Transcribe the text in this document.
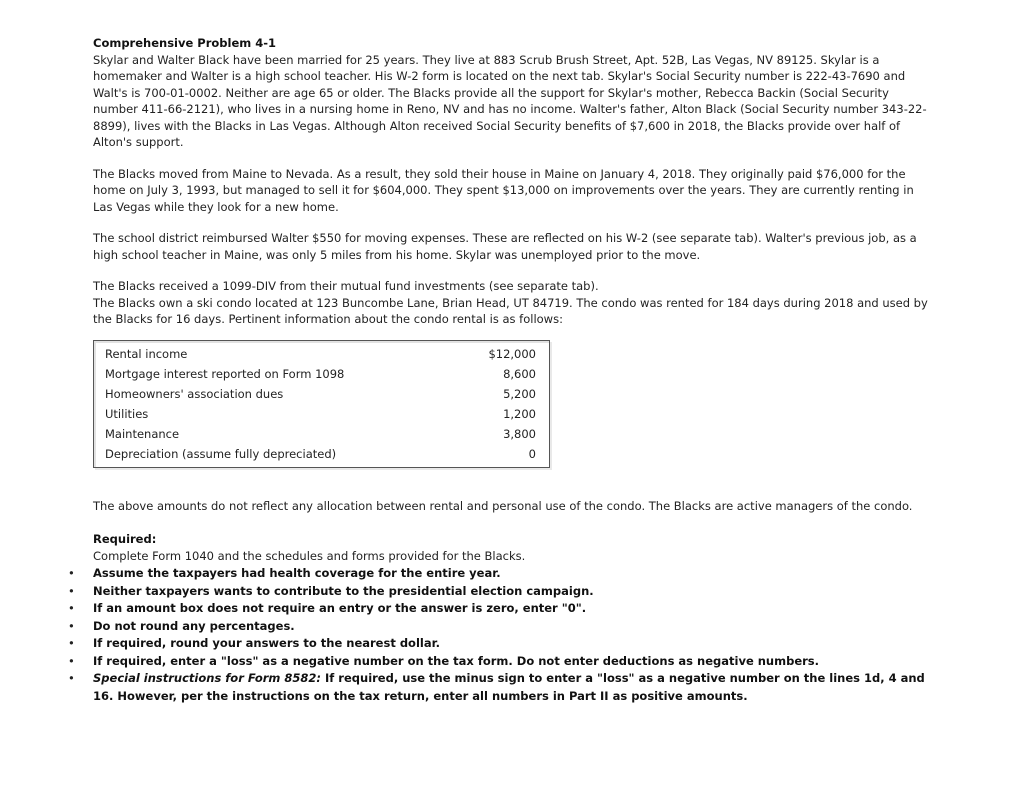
Comprehensive Problem 4-1

Skylar and Walter Black have been married for 25 years. They live at 883 Scrub Brush Street, Apt. 52B, Las Vegas, NV 89125. Skylar is a homemaker and Walter is a high school teacher. His W-2 form is located on the next tab. Skylar's Social Security number is 222-43-7690 and Walt's is 700-01-0002. Neither are age 65 or older. The Blacks provide all the support for Skylar's mother, Rebecca Backin (Social Security number 411-66-2121), who lives in a nursing home in Reno, NV and has no income. Walter's father, Alton Black (Social Security number 343-22-8899), lives with the Blacks in Las Vegas. Although Alton received Social Security benefits of $7,600 in 2018, the Blacks provide over half of Alton's support.

The Blacks moved from Maine to Nevada. As a result, they sold their house in Maine on January 4, 2018. They originally paid $76,000 for the home on July 3, 1993, but managed to sell it for $604,000. They spent $13,000 on improvements over the years. They are currently renting in Las Vegas while they look for a new home.

The school district reimbursed Walter $550 for moving expenses. These are reflected on his W-2 (see separate tab). Walter's previous job, as a high school teacher in Maine, was only 5 miles from his home. Skylar was unemployed prior to the move.

The Blacks received a 1099-DIV from their mutual fund investments (see separate tab).

The Blacks own a ski condo located at 123 Buncombe Lane, Brian Head, UT 84719. The condo was rented for 184 days during 2018 and used by the Blacks for 16 days. Pertinent information about the condo rental is as follows:

Rental income	$12,000
Mortgage interest reported on Form 1098	8,600
Homeowners' association dues	5,200
Utilities	1,200
Maintenance	3,800
Depreciation (assume fully depreciated)	0

The above amounts do not reflect any allocation between rental and personal use of the condo. The Blacks are active managers of the condo.

Required:
Complete Form 1040 and the schedules and forms provided for the Blacks.
• Assume the taxpayers had health coverage for the entire year.
• Neither taxpayers wants to contribute to the presidential election campaign.
• If an amount box does not require an entry or the answer is zero, enter "0".
• Do not round any percentages.
• If required, round your answers to the nearest dollar.
• If required, enter a "loss" as a negative number on the tax form. Do not enter deductions as negative numbers.
• Special instructions for Form 8582: If required, use the minus sign to enter a "loss" as a negative number on the lines 1d, 4 and 16. However, per the instructions on the tax return, enter all numbers in Part II as positive amounts.
